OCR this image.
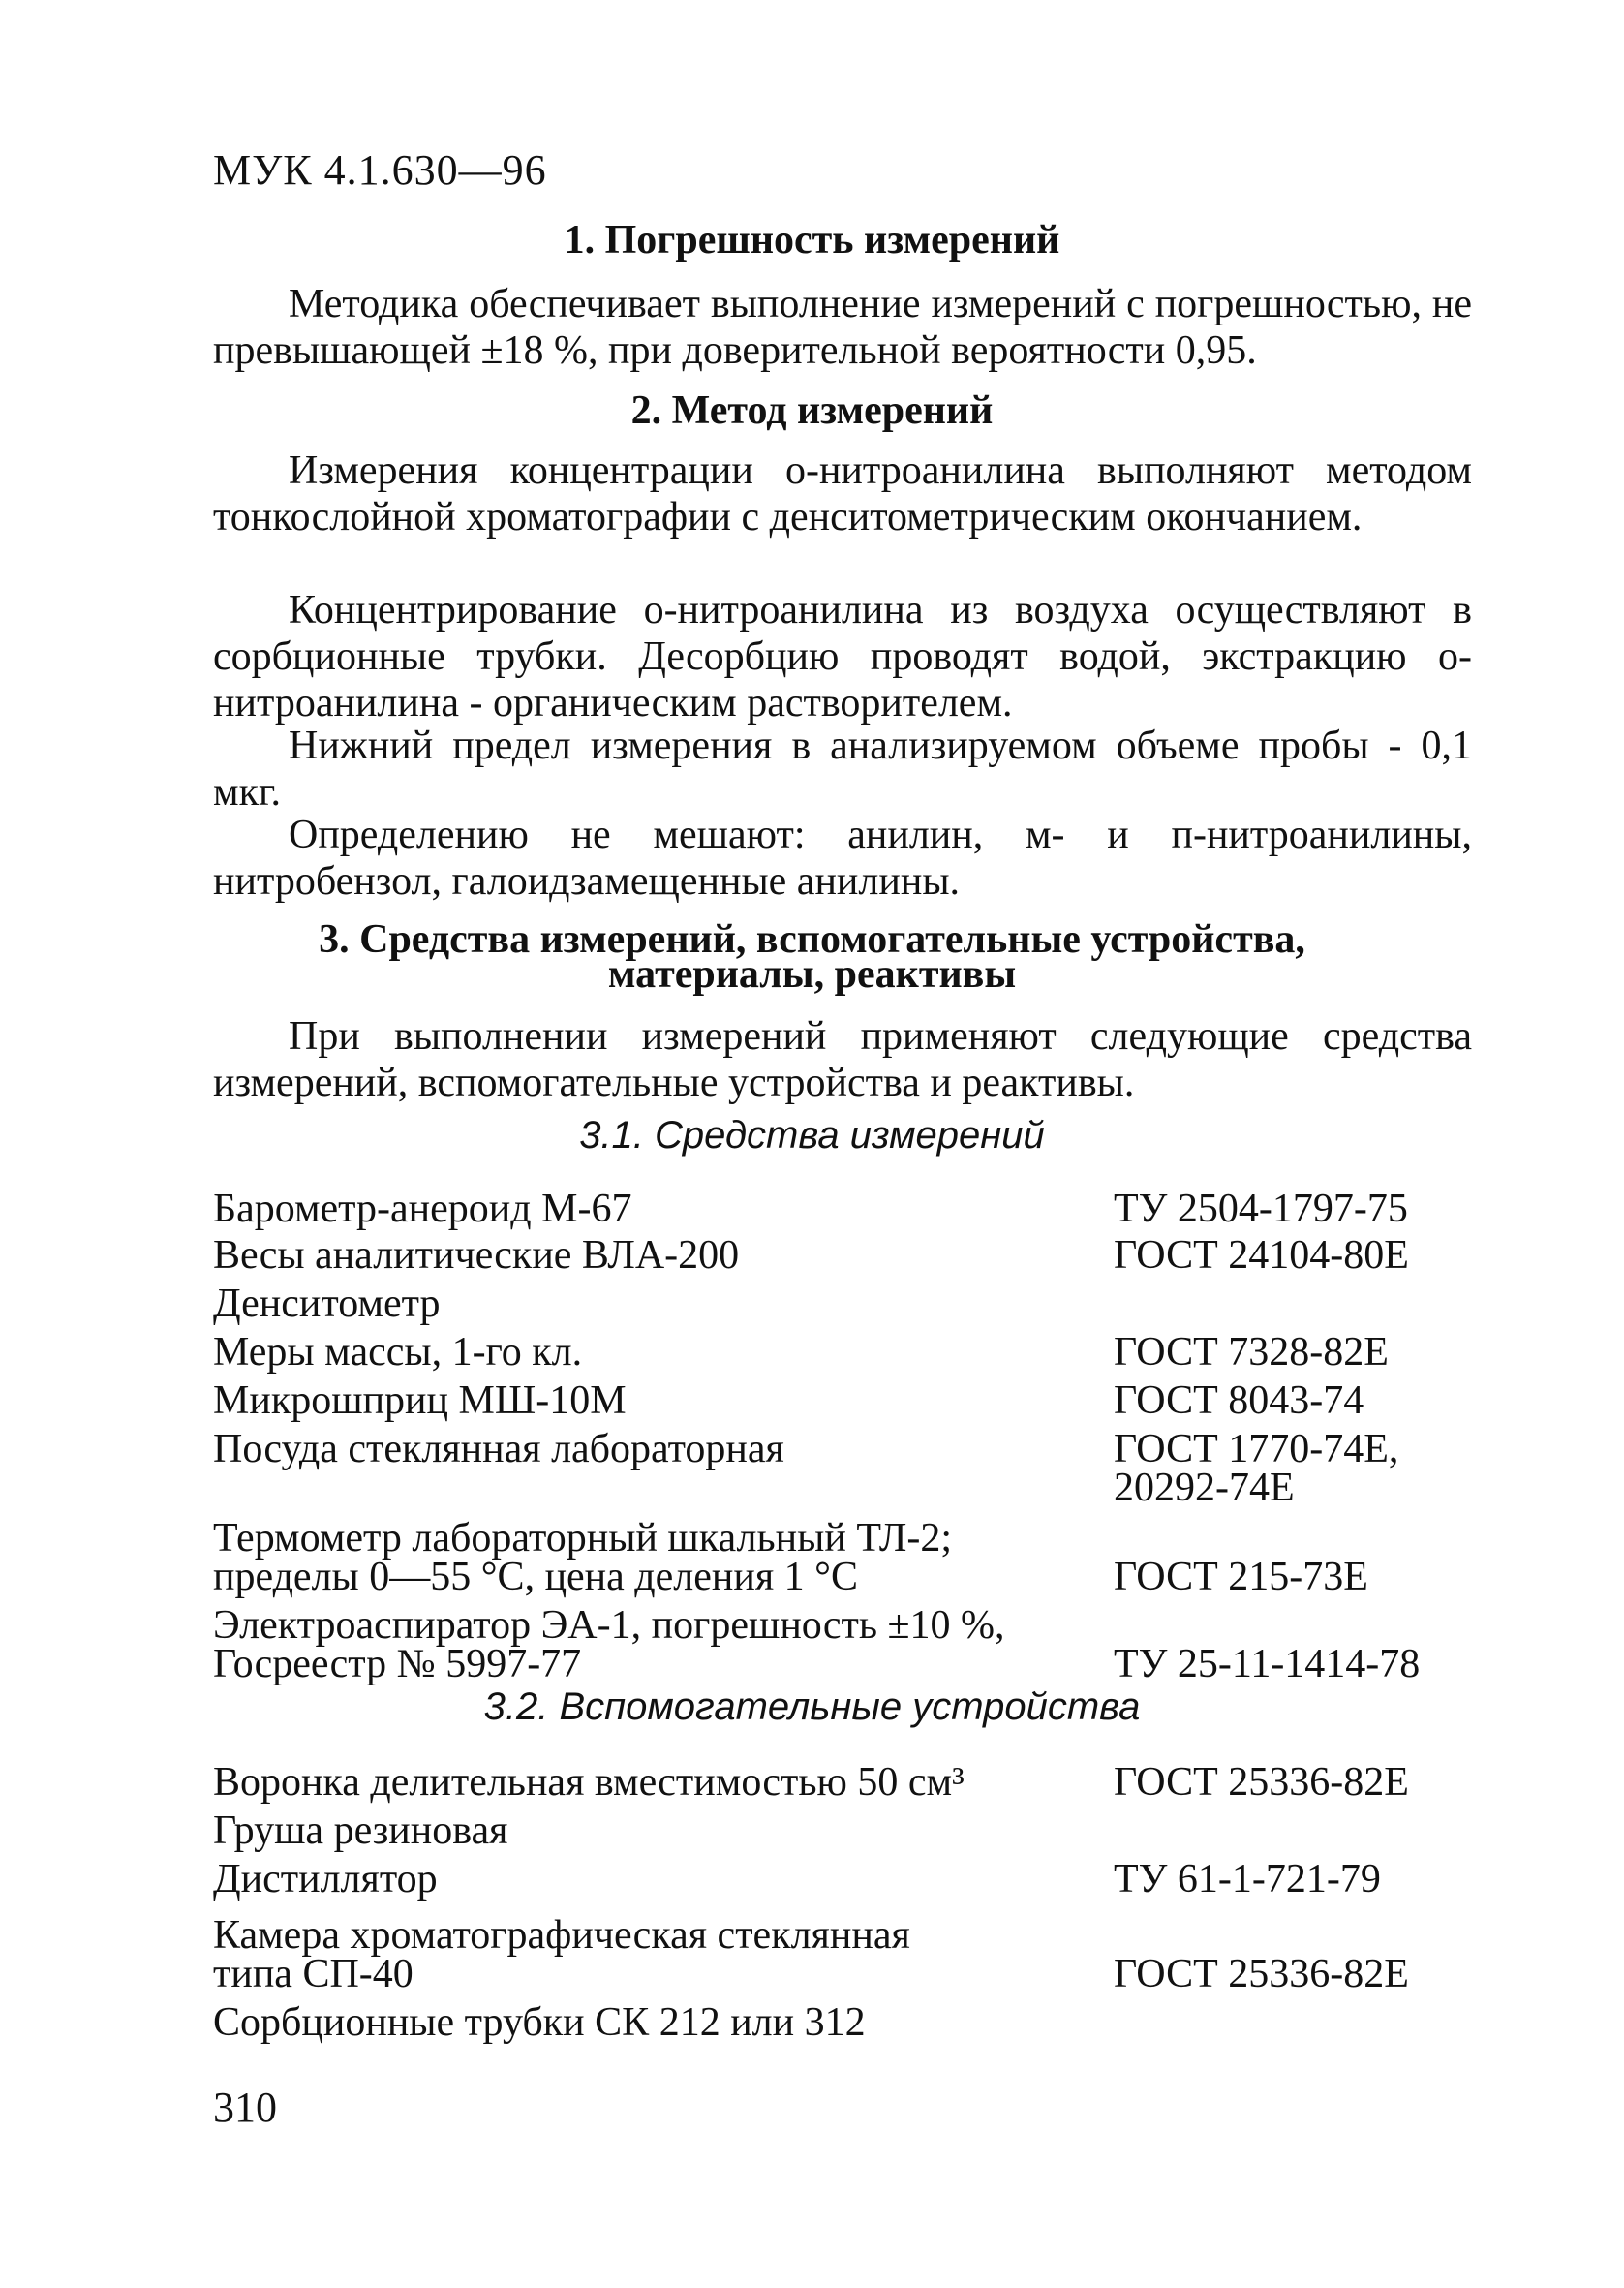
МУК 4.1.630—96
1. Погрешность измерений

Методика обеспечивает выполнение измерений с погрешностью, не превышающей ±18 %, при доверительной вероятности 0,95.

2. Метод измерений

Измерения концентрации о-нитроанилина выполняют методом тонкослойной хроматографии с денситометрическим окончанием.

Концентрирование о-нитроанилина из воздуха осуществляют в сорбционные трубки. Десорбцию проводят водой, экстракцию о-нитроанилина - органическим растворителем.

Нижний предел измерения в анализируемом объеме пробы - 0,1 мкг.

Определению не мешают: анилин, м- и п-нитроанилины, нитробензол, галоидзамещенные анилины.

3. Средства измерений, вспомогательные устройства,
материалы, реактивы

При выполнении измерений применяют следующие средства измерений, вспомогательные устройства и реактивы.

3.1. Средства измерений
Барометр-анероид М-67	ТУ 2504-1797-75
Весы аналитические ВЛА-200	ГОСТ 24104-80Е
Денситометр
Меры массы, 1-го кл.	ГОСТ 7328-82Е
Микрошприц МШ-10М	ГОСТ 8043-74
Посуда стеклянная лабораторная	ГОСТ 1770-74Е,
20292-74Е
Термометр лабораторный шкальный ТЛ-2;
пределы 0—55 °С, цена деления 1 °С	ГОСТ 215-73Е
Электроаспиратор ЭА-1, погрешность ±10 %,
Госреестр № 5997-77	ТУ 25-11-1414-78
3.2. Вспомогательные устройства
Воронка делительная вместимостью 50 см³	ГОСТ 25336-82Е
Груша резиновая
Дистиллятор	ТУ 61-1-721-79
Камера хроматографическая стеклянная
типа СП-40	ГОСТ 25336-82Е
Сорбционные трубки СК 212 или 312
310
